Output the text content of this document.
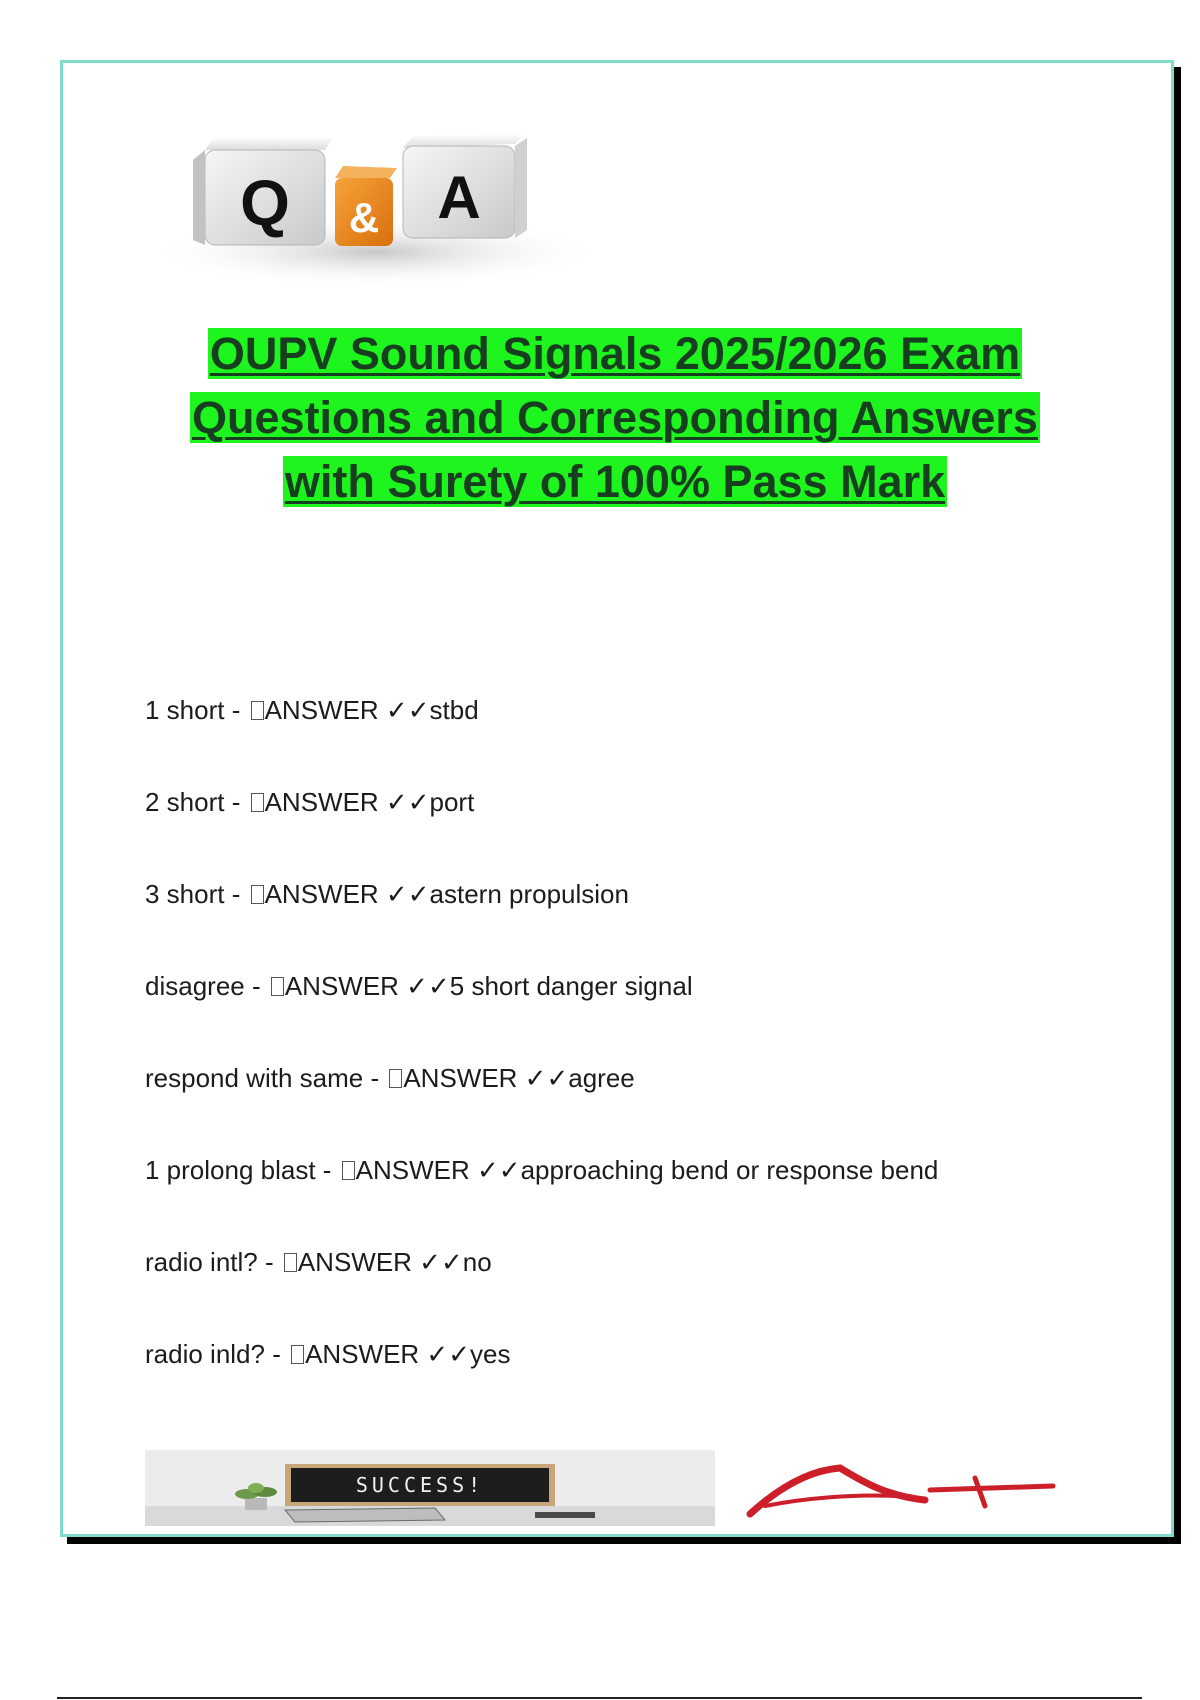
Q & A
OUPV Sound Signals 2025/2026 Exam
Questions and Corresponding Answers
with Surety of 100% Pass Mark
1 short - ANSWER ✓✓stbd
2 short - ANSWER ✓✓port
3 short - ANSWER ✓✓astern propulsion
disagree - ANSWER ✓✓5 short danger signal
respond with same - ANSWER ✓✓agree
1 prolong blast - ANSWER ✓✓approaching bend or response bend
radio intl? - ANSWER ✓✓no
radio inld? - ANSWER ✓✓yes
SUCCESS!
A+
